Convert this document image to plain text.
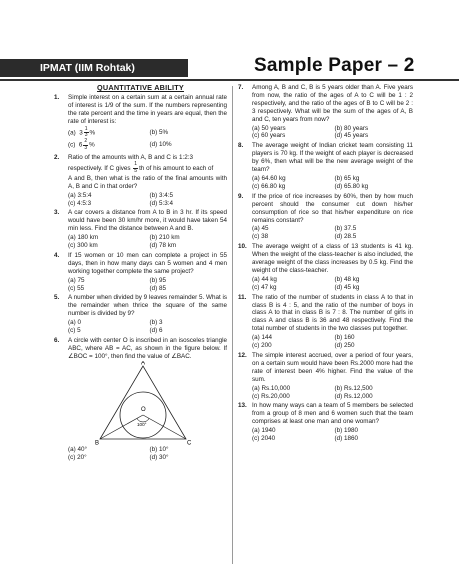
IPMAT (IIM Rohtak)	Sample Paper – 2
QUANTITATIVE ABILITY
1.	Simple interest on a certain sum at a certain annual rate of interest is 1/9 of the sum. If the numbers representing the rate percent and the time in years are equal, then the rate of interest is:

(a) $3 \frac{1}{3}$ %	(b) 5%
(c) $6 \frac{2}{3}$ %	(d) 10%
2.	Ratio of the amounts with A, B and C is 1:2:3

respectively. If C gives $\frac{1}{5}$ th of his amount to each of

A and B, then what is the ratio of the final amounts with A, B and C in that order?

(a) 3:5:4	(b) 3:4:5
(c) 4:5:3	(d) 5:3:4
3.	A car covers a distance from A to B in 3 hr. If its speed would have been 30 km/hr more, it would have taken 54 min less. Find the distance between A and B.

(a) 180 km	(b) 210 km
(c) 300 km	(d) 78 km
4.	If 15 women or 10 men can complete a project in 55 days, then in how many days can 5 women and 4 men working together complete the same project?

(a) 75	(b) 95
(c) 55	(d) 85
5.	A number when divided by 9 leaves remainder 5. What is the remainder when thrice the square of the same number is divided by 9?

(a) 0	(b) 3
(c) 5	(d) 6
6.	A circle with center O is inscribed in an isosceles triangle ABC, where AB = AC, as shown in the figure below. If ∠BOC = 100°, then find the value of ∠BAC.

A
B	C
O
100°
(a) 40°	(b) 10°
(c) 20°	(d) 30°
7.	Among A, B and C, B is 5 years older than A. Five years from now, the ratio of the ages of A to C will be 1 : 2 respectively, and the ratio of the ages of B to C will be 2 : 3 respectively. What will be the sum of the ages of A, B and C, ten years from now?

(a) 50 years	(b) 80 years
(c) 60 years	(d) 45 years
8.	The average weight of Indian cricket team consisting 11 players is 70 kg. If the weight of each player is decreased by 6%, then what will be the new average weight of the team?

(a) 64.60 kg	(b) 65 kg
(c) 66.80 kg	(d) 65.80 kg
9.	If the price of rice increases by 60%, then by how much percent should the consumer cut down his/her consumption of rice so that his/her expenditure on rice remains constant?

(a) 45	(b) 37.5
(c) 38	(d) 28.5
10. The average weight of a class of 13 students is 41 kg. When the weight of the class-teacher is also included, the average weight of the class increases by 0.5 kg. Find the weight of the class-teacher.

(a) 44 kg	(b) 48 kg
(c) 47 kg	(d) 45 kg
11. The ratio of the number of students in class A to that in class B is 4 : 5, and the ratio of the number of boys in class A to that in class B is 7 : 8. The number of girls in class A and class B is 36 and 48 respectively. Find the total number of students in the two classes put together.

(a) 144	(b) 160
(c) 200	(d) 250
12. The simple interest accrued, over a period of four years, on a certain sum would have been Rs.2000 more had the rate of interest been 4% higher. Find the value of the sum.

(a) Rs.10,000	(b) Rs.12,500
(c) Rs.20,000	(d) Rs.12,000
13. In how many ways can a team of 5 members be selected from a group of 8 men and 6 women such that the team comprises at least one man and one woman?

(a) 1940	(b) 1980
(c) 2040	(d) 1860
